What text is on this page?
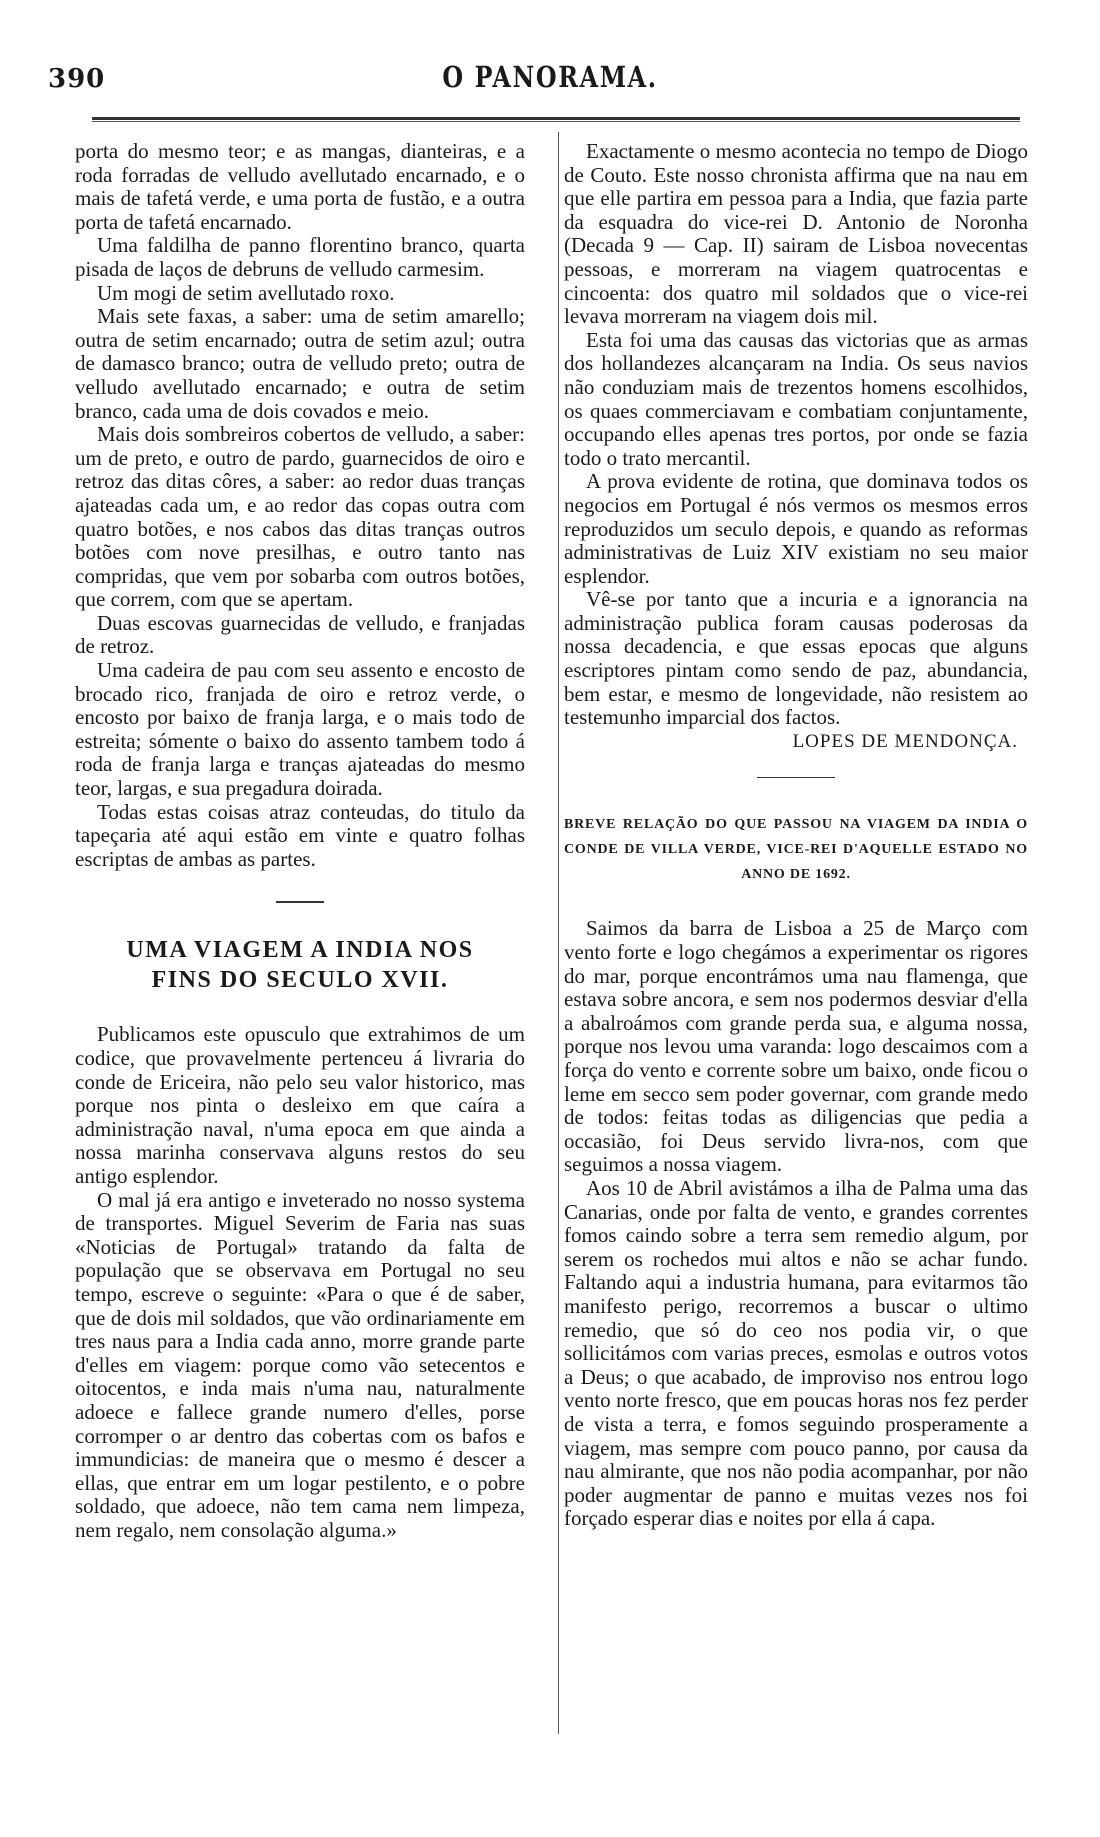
390	O PANORAMA.

porta do mesmo teor; e as mangas, dianteiras, e a roda forradas de velludo avellutado encarnado, e o mais de tafetá verde, e uma porta de fustão, e a outra porta de tafetá encarnado.

Uma faldilha de panno florentino branco, quarta pisada de laços de debruns de velludo carmesim.

Um mogi de setim avellutado roxo.

Mais sete faxas, a saber: uma de setim amarello; outra de setim encarnado; outra de setim azul; outra de damasco branco; outra de velludo preto; outra de velludo avellutado encarnado; e outra de setim branco, cada uma de dois covados e meio.

Mais dois sombreiros cobertos de velludo, a saber: um de preto, e outro de pardo, guarnecidos de oiro e retroz das ditas côres, a saber: ao redor duas tranças ajateadas cada um, e ao redor das copas outra com quatro botões, e nos cabos das ditas tranças outros botões com nove presilhas, e outro tanto nas compridas, que vem por sobarba com outros botões, que correm, com que se apertam.

Duas escovas guarnecidas de velludo, e franjadas de retroz.

Uma cadeira de pau com seu assento e encosto de brocado rico, franjada de oiro e retroz verde, o encosto por baixo de franja larga, e o mais todo de estreita; sómente o baixo do assento tambem todo á roda de franja larga e tranças ajateadas do mesmo teor, largas, e sua pregadura doirada.

Todas estas coisas atraz conteudas, do titulo da tapeçaria até aqui estão em vinte e quatro folhas escriptas de ambas as partes.

UMA VIAGEM A INDIA NOS FINS DO SECULO XVII.

Publicamos este opusculo que extrahimos de um codice, que provavelmente pertenceu á livraria do conde de Ericeira, não pelo seu valor historico, mas porque nos pinta o desleixo em que caíra a administração naval, n'uma epoca em que ainda a nossa marinha conservava alguns restos do seu antigo esplendor.

O mal já era antigo e inveterado no nosso systema de transportes. Miguel Severim de Faria nas suas «Noticias de Portugal» tratando da falta de população que se observava em Portugal no seu tempo, escreve o seguinte: «Para o que é de saber, que de dois mil soldados, que vão ordinariamente em tres naus para a India cada anno, morre grande parte d'elles em viagem: porque como vão setecentos e oitocentos, e inda mais n'uma nau, naturalmente adoece e fallece grande numero d'elles, porse corromper o ar dentro das cobertas com os bafos e immundicias: de maneira que o mesmo é descer a ellas, que entrar em um logar pestilento, e o pobre soldado, que adoece, não tem cama nem limpeza, nem regalo, nem consolação alguma.»

Exactamente o mesmo acontecia no tempo de Diogo de Couto. Este nosso chronista affirma que na nau em que elle partira em pessoa para a India, que fazia parte da esquadra do vice-rei D. Antonio de Noronha (Decada 9 — Cap. II) sairam de Lisboa novecentas pessoas, e morreram na viagem quatrocentas e cincoenta: dos quatro mil soldados que o vice-rei levava morreram na viagem dois mil.

Esta foi uma das causas das victorias que as armas dos hollandezes alcançaram na India. Os seus navios não conduziam mais de trezentos homens escolhidos, os quaes commerciavam e combatiam conjuntamente, occupando elles apenas tres portos, por onde se fazia todo o trato mercantil.

A prova evidente de rotina, que dominava todos os negocios em Portugal é nós vermos os mesmos erros reproduzidos um seculo depois, e quando as reformas administrativas de Luiz XIV existiam no seu maior esplendor.

Vê-se por tanto que a incuria e a ignorancia na administração publica foram causas poderosas da nossa decadencia, e que essas epocas que alguns escriptores pintam como sendo de paz, abundancia, bem estar, e mesmo de longevidade, não resistem ao testemunho imparcial dos factos.

LOPES DE MENDONÇA.

BREVE RELAÇÃO DO QUE PASSOU NA VIAGEM DA INDIA O CONDE DE VILLA VERDE, VICE-REI D'AQUELLE ESTADO NO ANNO DE 1692.

Saimos da barra de Lisboa a 25 de Março com vento forte e logo chegámos a experimentar os rigores do mar, porque encontrámos uma nau flamenga, que estava sobre ancora, e sem nos podermos desviar d'ella a abalroámos com grande perda sua, e alguma nossa, porque nos levou uma varanda: logo descaimos com a força do vento e corrente sobre um baixo, onde ficou o leme em secco sem poder governar, com grande medo de todos: feitas todas as diligencias que pedia a occasião, foi Deus servido livra-nos, com que seguimos a nossa viagem.

Aos 10 de Abril avistámos a ilha de Palma uma das Canarias, onde por falta de vento, e grandes correntes fomos caindo sobre a terra sem remedio algum, por serem os rochedos mui altos e não se achar fundo. Faltando aqui a industria humana, para evitarmos tão manifesto perigo, recorremos a buscar o ultimo remedio, que só do ceo nos podia vir, o que sollicitámos com varias preces, esmolas e outros votos a Deus; o que acabado, de improviso nos entrou logo vento norte fresco, que em poucas horas nos fez perder de vista a terra, e fomos seguindo prosperamente a viagem, mas sempre com pouco panno, por causa da nau almirante, que nos não podia acompanhar, por não poder augmentar de panno e muitas vezes nos foi forçado esperar dias e noites por ella á capa.
